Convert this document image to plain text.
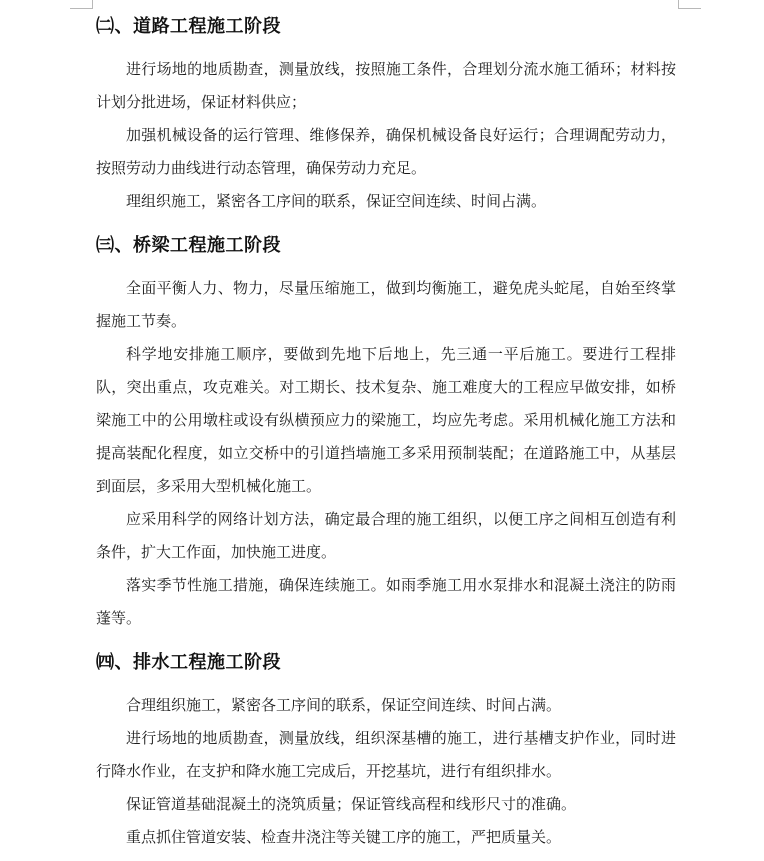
㈡、道路工程施工阶段

进行场地的地质勘查，测量放线，按照施工条件，合理划分流水施工循环；材料按计划分批进场，保证材料供应；

加强机械设备的运行管理、维修保养，确保机械设备良好运行；合理调配劳动力，按照劳动力曲线进行动态管理，确保劳动力充足。

理组织施工，紧密各工序间的联系，保证空间连续、时间占满。

㈢、桥梁工程施工阶段

全面平衡人力、物力，尽量压缩施工，做到均衡施工，避免虎头蛇尾，自始至终掌握施工节奏。

科学地安排施工顺序，要做到先地下后地上，先三通一平后施工。要进行工程排队，突出重点，攻克难关。对工期长、技术复杂、施工难度大的工程应早做安排，如桥梁施工中的公用墩柱或设有纵横预应力的梁施工，均应先考虑。采用机械化施工方法和提高装配化程度，如立交桥中的引道挡墙施工多采用预制装配；在道路施工中，从基层到面层，多采用大型机械化施工。

应采用科学的网络计划方法，确定最合理的施工组织，以便工序之间相互创造有利条件，扩大工作面，加快施工进度。

落实季节性施工措施，确保连续施工。如雨季施工用水泵排水和混凝土浇注的防雨蓬等。

㈣、排水工程施工阶段

合理组织施工，紧密各工序间的联系，保证空间连续、时间占满。

进行场地的地质勘查，测量放线，组织深基槽的施工，进行基槽支护作业，同时进行降水作业，在支护和降水施工完成后，开挖基坑，进行有组织排水。

保证管道基础混凝土的浇筑质量；保证管线高程和线形尺寸的准确。

重点抓住管道安装、检查井浇注等关键工序的施工，严把质量关。
